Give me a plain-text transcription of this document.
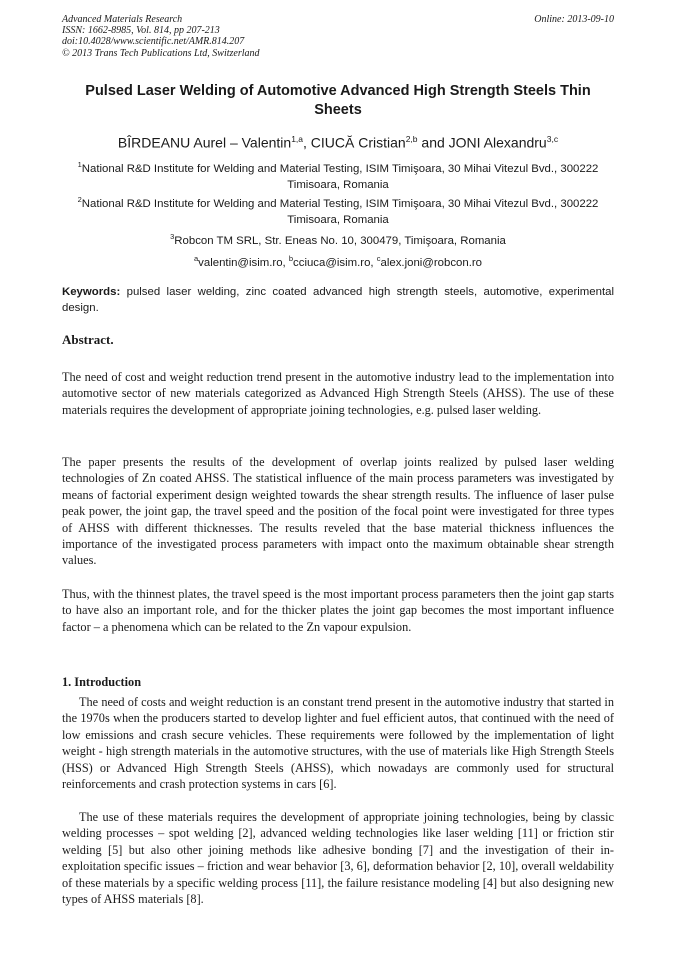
Advanced Materials Research
ISSN: 1662-8985, Vol. 814, pp 207-213
doi:10.4028/www.scientific.net/AMR.814.207
© 2013 Trans Tech Publications Ltd, Switzerland
Online: 2013-09-10
Pulsed Laser Welding of Automotive Advanced High Strength Steels Thin Sheets
BÎRDEANU Aurel – Valentin$^{1,a}$, CIUCĂ Cristian$^{2,b}$ and JONI Alexandru$^{3,c}$
$^1$National R&D Institute for Welding and Material Testing, ISIM Timişoara, 30 Mihai Vitezul Bvd., 300222 Timisoara, Romania
$^2$National R&D Institute for Welding and Material Testing, ISIM Timişoara, 30 Mihai Vitezul Bvd., 300222 Timisoara, Romania
$^3$Robcon TM SRL, Str. Eneas No. 10, 300479, Timişoara, Romania
$^a$valentin@isim.ro, $^b$cciuca@isim.ro, $^c$alex.joni@robcon.ro
Keywords: pulsed laser welding, zinc coated advanced high strength steels, automotive, experimental design.
Abstract.
The need of cost and weight reduction trend present in the automotive industry lead to the implementation into automotive sector of new materials categorized as Advanced High Strength Steels (AHSS). The use of these materials requires the development of appropriate joining technologies, e.g. pulsed laser welding.
The paper presents the results of the development of overlap joints realized by pulsed laser welding technologies of Zn coated AHSS. The statistical influence of the main process parameters was investigated by means of factorial experiment design weighted towards the shear strength results. The influence of laser pulse peak power, the joint gap, the travel speed and the position of the focal point were investigated for three types of AHSS with different thicknesses. The results reveled that the base material thickness influences the importance of the investigated process parameters with impact onto the maximum obtainable shear strength values.
Thus, with the thinnest plates, the travel speed is the most important process parameters then the joint gap starts to have also an important role, and for the thicker plates the joint gap becomes the most important influence factor – a phenomena which can be related to the Zn vapour expulsion.
1. Introduction
The need of costs and weight reduction is an constant trend present in the automotive industry that started in the 1970s when the producers started to develop lighter and fuel efficient autos, that continued with the need of low emissions and crash secure vehicles. These requirements were followed by the implementation of light weight - high strength materials in the automotive structures, with the use of materials like High Strength Steels (HSS) or Advanced High Strength Steels (AHSS), which nowadays are commonly used for structural reinforcements and crash protection systems in cars [6].
The use of these materials requires the development of appropriate joining technologies, being by classic welding processes – spot welding [2], advanced welding technologies like laser welding [11] or friction stir welding [5] but also other joining methods like adhesive bonding [7] and the investigation of their in-exploitation specific issues – friction and wear behavior [3, 6], deformation behavior [2, 10], overall weldability of these materials by a specific welding process [11], the failure resistance modeling [4] but also designing new types of AHSS materials [8].
